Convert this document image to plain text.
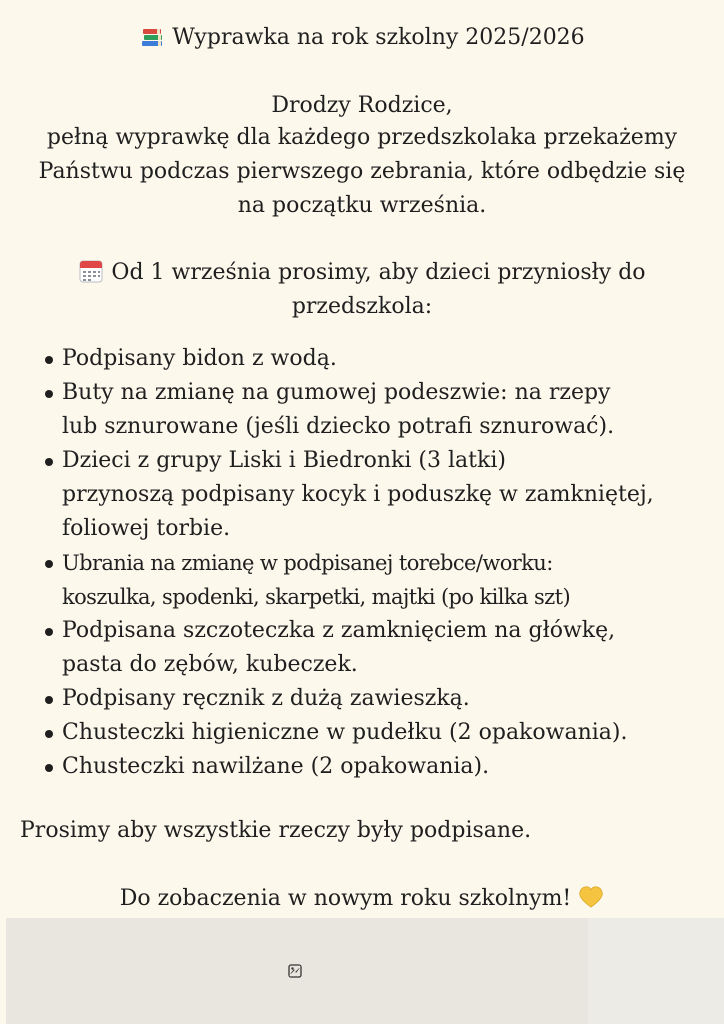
Wyprawka na rok szkolny 2025/2026
Drodzy Rodzice,
pełną wyprawkę dla każdego przedszkolaka przekażemy
Państwu podczas pierwszego zebrania, które odbędzie się
na początku września.
Od 1 września prosimy, aby dzieci przyniosły do
przedszkola:
Podpisany bidon z wodą.
Buty na zmianę na gumowej podeszwie: na rzepy
lub sznurowane (jeśli dziecko potrafi sznurować).
Dzieci z grupy Liski i Biedronki (3 latki)
przynoszą podpisany kocyk i poduszkę w zamkniętej,
foliowej torbie.
Ubrania na zmianę w podpisanej torebce/worku:
koszulka, spodenki, skarpetki, majtki (po kilka szt)
Podpisana szczoteczka z zamknięciem na główkę,
pasta do zębów, kubeczek.
Podpisany ręcznik z dużą zawieszką.
Chusteczki higieniczne w pudełku (2 opakowania).
Chusteczki nawilżane (2 opakowania).
Prosimy aby wszystkie rzeczy były podpisane.
Do zobaczenia w nowym roku szkolnym!
